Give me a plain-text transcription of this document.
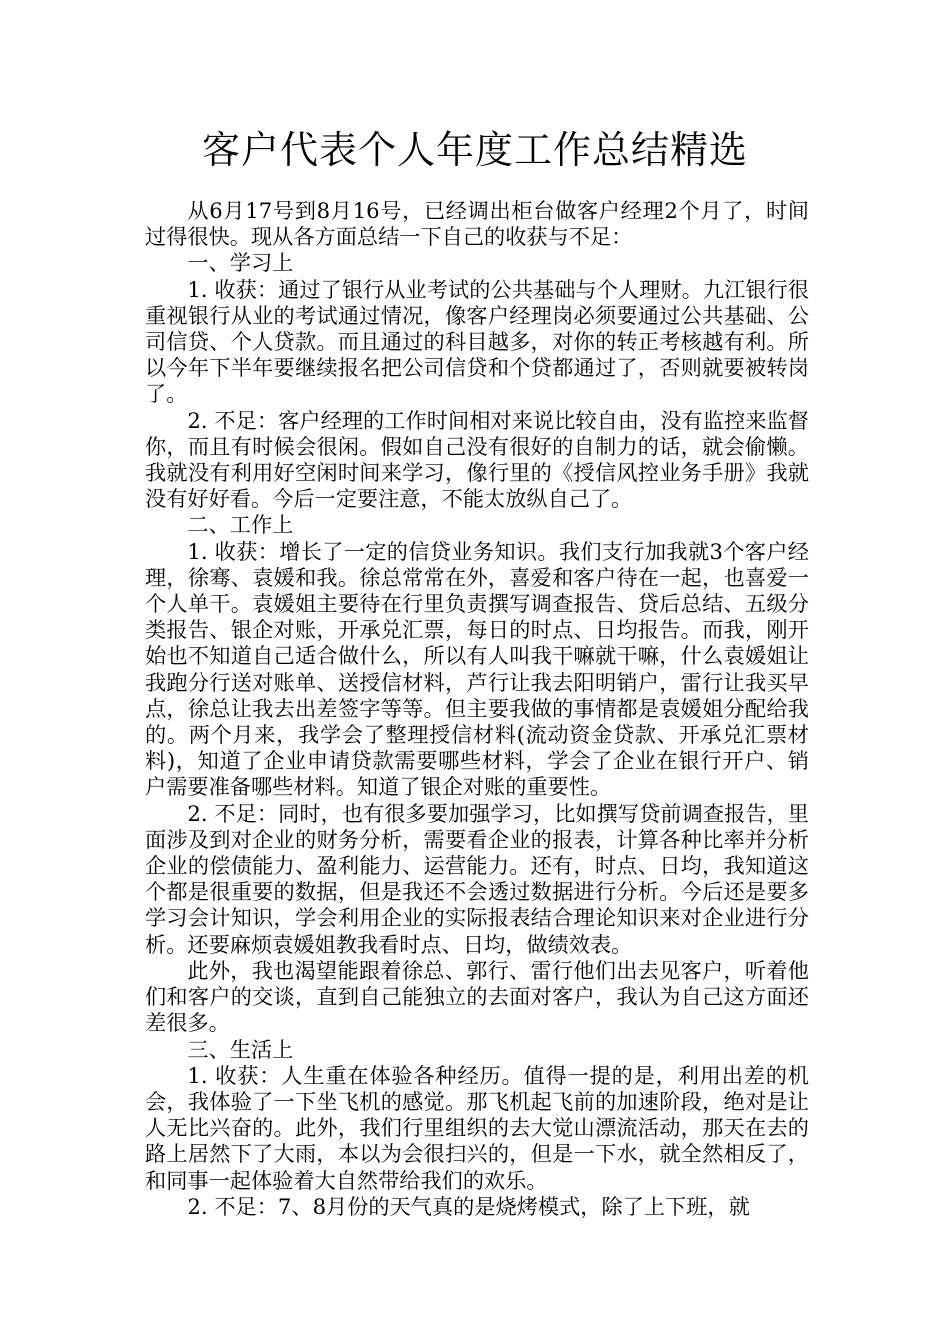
客户代表个人年度工作总结精选

从6月17号到8月16号，已经调出柜台做客户经理2个月了，时间过得很快。现从各方面总结一下自己的收获与不足：

一、学习上

1. 收获：通过了银行从业考试的公共基础与个人理财。九江银行很重视银行从业的考试通过情况，像客户经理岗必须要通过公共基础、公司信贷、个人贷款。而且通过的科目越多，对你的转正考核越有利。所以今年下半年要继续报名把公司信贷和个贷都通过了，否则就要被转岗了。

2. 不足：客户经理的工作时间相对来说比较自由，没有监控来监督你，而且有时候会很闲。假如自己没有很好的自制力的话，就会偷懒。我就没有利用好空闲时间来学习，像行里的《授信风控业务手册》我就没有好好看。今后一定要注意，不能太放纵自己了。

二、工作上

1. 收获：增长了一定的信贷业务知识。我们支行加我就3个客户经理，徐骞、袁媛和我。徐总常常在外，喜爱和客户待在一起，也喜爱一个人单干。袁媛姐主要待在行里负责撰写调查报告、贷后总结、五级分类报告、银企对账，开承兑汇票，每日的时点、日均报告。而我，刚开始也不知道自己适合做什么，所以有人叫我干嘛就干嘛，什么袁媛姐让我跑分行送对账单、送授信材料，芦行让我去阳明销户，雷行让我买早点，徐总让我去出差签字等等。但主要我做的事情都是袁媛姐分配给我的。两个月来，我学会了整理授信材料(流动资金贷款、开承兑汇票材料)，知道了企业申请贷款需要哪些材料，学会了企业在银行开户、销户需要准备哪些材料。知道了银企对账的重要性。

2. 不足：同时，也有很多要加强学习，比如撰写贷前调查报告，里面涉及到对企业的财务分析，需要看企业的报表，计算各种比率并分析企业的偿债能力、盈利能力、运营能力。还有，时点、日均，我知道这个都是很重要的数据，但是我还不会透过数据进行分析。今后还是要多学习会计知识，学会利用企业的实际报表结合理论知识来对企业进行分析。还要麻烦袁媛姐教我看时点、日均，做绩效表。

此外，我也渴望能跟着徐总、郭行、雷行他们出去见客户，听着他们和客户的交谈，直到自己能独立的去面对客户，我认为自己这方面还差很多。

三、生活上

1. 收获：人生重在体验各种经历。值得一提的是，利用出差的机会，我体验了一下坐飞机的感觉。那飞机起飞前的加速阶段，绝对是让人无比兴奋的。此外，我们行里组织的去大觉山漂流活动，那天在去的路上居然下了大雨，本以为会很扫兴的，但是一下水，就全然相反了，和同事一起体验着大自然带给我们的欢乐。

2. 不足：7、8月份的天气真的是烧烤模式，除了上下班，就
